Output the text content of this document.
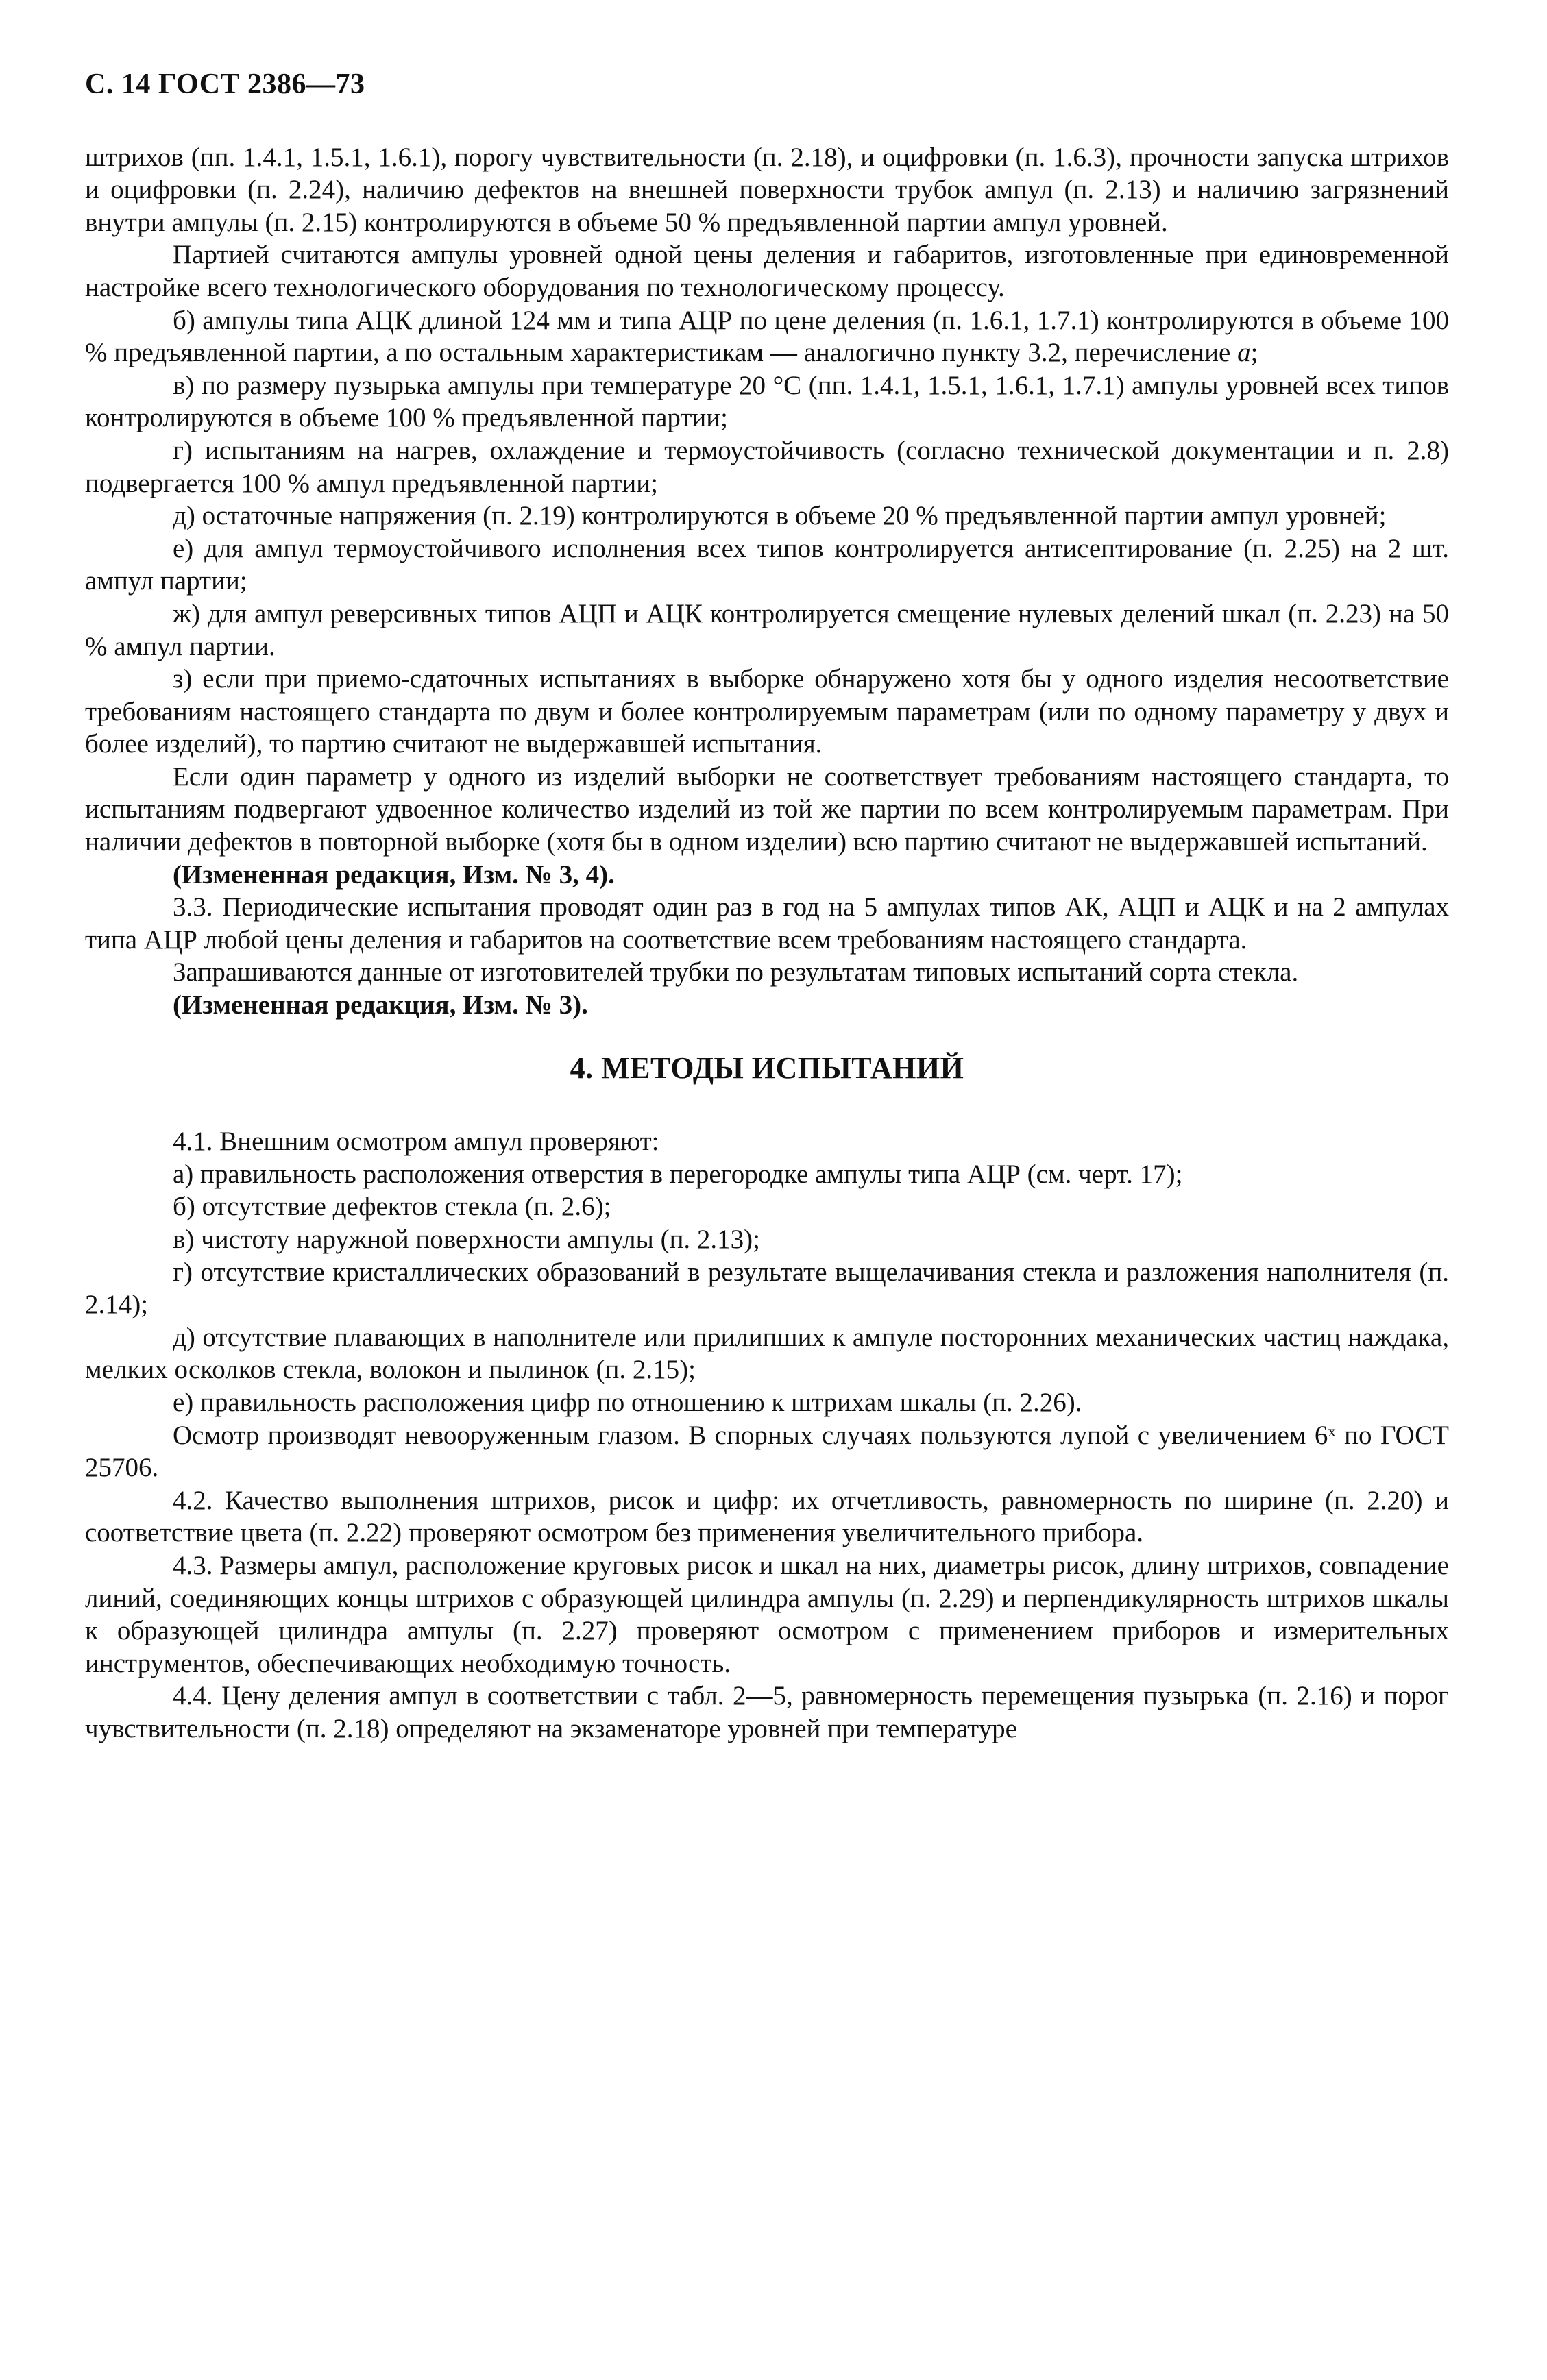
С. 14 ГОСТ 2386—73
штрихов (пп. 1.4.1, 1.5.1, 1.6.1), порогу чувствительности (п. 2.18), и оцифровки (п. 1.6.3), прочности запуска штрихов и оцифровки (п. 2.24), наличию дефектов на внешней поверхности трубок ампул (п. 2.13) и наличию загрязнений внутри ампулы (п. 2.15) контролируются в объеме 50 % предъявленной партии ампул уровней.
Партией считаются ампулы уровней одной цены деления и габаритов, изготовленные при единовременной настройке всего технологического оборудования по технологическому процессу.
б) ампулы типа АЦК длиной 124 мм и типа АЦР по цене деления (п. 1.6.1, 1.7.1) контролируются в объеме 100 % предъявленной партии, а по остальным характеристикам — аналогично пункту 3.2, перечисление а;
в) по размеру пузырька ампулы при температуре 20 °С (пп. 1.4.1, 1.5.1, 1.6.1, 1.7.1) ампулы уровней всех типов контролируются в объеме 100 % предъявленной партии;
г) испытаниям на нагрев, охлаждение и термоустойчивость (согласно технической документации и п. 2.8) подвергается 100 % ампул предъявленной партии;
д) остаточные напряжения (п. 2.19) контролируются в объеме 20 % предъявленной партии ампул уровней;
е) для ампул термоустойчивого исполнения всех типов контролируется антисептирование (п. 2.25) на 2 шт. ампул партии;
ж) для ампул реверсивных типов АЦП и АЦК контролируется смещение нулевых делений шкал (п. 2.23) на 50 % ампул партии.
з) если при приемо-сдаточных испытаниях в выборке обнаружено хотя бы у одного изделия несоответствие требованиям настоящего стандарта по двум и более контролируемым параметрам (или по одному параметру у двух и более изделий), то партию считают не выдержавшей испытания.
Если один параметр у одного из изделий выборки не соответствует требованиям настоящего стандарта, то испытаниям подвергают удвоенное количество изделий из той же партии по всем контролируемым параметрам. При наличии дефектов в повторной выборке (хотя бы в одном изделии) всю партию считают не выдержавшей испытаний.
(Измененная редакция, Изм. № 3, 4).
3.3. Периодические испытания проводят один раз в год на 5 ампулах типов АК, АЦП и АЦК и на 2 ампулах типа АЦР любой цены деления и габаритов на соответствие всем требованиям настоящего стандарта.
Запрашиваются данные от изготовителей трубки по результатам типовых испытаний сорта стекла.
(Измененная редакция, Изм. № 3).
4. МЕТОДЫ ИСПЫТАНИЙ
4.1. Внешним осмотром ампул проверяют:
а) правильность расположения отверстия в перегородке ампулы типа АЦР (см. черт. 17);
б) отсутствие дефектов стекла (п. 2.6);
в) чистоту наружной поверхности ампулы (п. 2.13);
г) отсутствие кристаллических образований в результате выщелачивания стекла и разложения наполнителя (п. 2.14);
д) отсутствие плавающих в наполнителе или прилипших к ампуле посторонних механических частиц наждака, мелких осколков стекла, волокон и пылинок (п. 2.15);
е) правильность расположения цифр по отношению к штрихам шкалы (п. 2.26).
Осмотр производят невооруженным глазом. В спорных случаях пользуются лупой с увеличением 6ˣ по ГОСТ 25706.
4.2. Качество выполнения штрихов, рисок и цифр: их отчетливость, равномерность по ширине (п. 2.20) и соответствие цвета (п. 2.22) проверяют осмотром без применения увеличительного прибора.
4.3. Размеры ампул, расположение круговых рисок и шкал на них, диаметры рисок, длину штрихов, совпадение линий, соединяющих концы штрихов с образующей цилиндра ампулы (п. 2.29) и перпендикулярность штрихов шкалы к образующей цилиндра ампулы (п. 2.27) проверяют осмотром с применением приборов и измерительных инструментов, обеспечивающих необходимую точность.
4.4. Цену деления ампул в соответствии с табл. 2—5, равномерность перемещения пузырька (п. 2.16) и порог чувствительности (п. 2.18) определяют на экзаменаторе уровней при температуре
